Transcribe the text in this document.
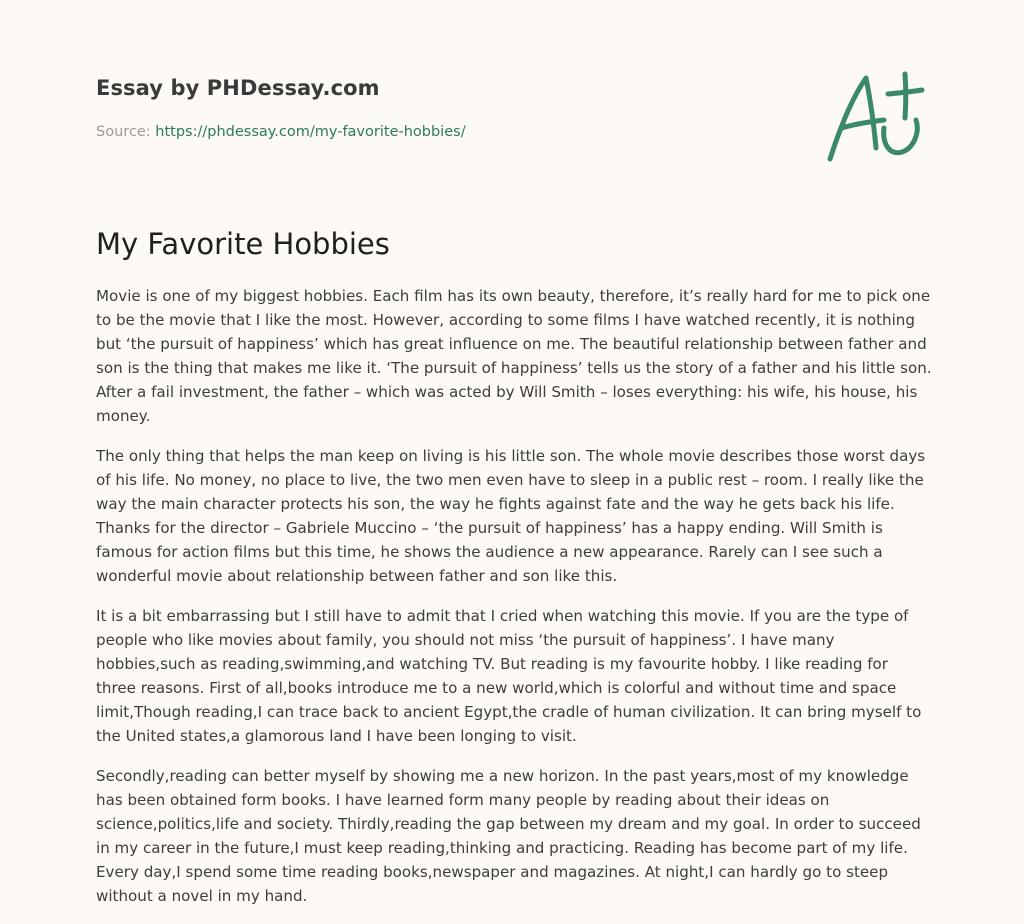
Essay by PHDessay.com
Source: https://phdessay.com/my-favorite-hobbies/
My Favorite Hobbies

Movie is one of my biggest hobbies. Each film has its own beauty, therefore, it’s really hard for me to pick one to be the movie that I like the most. However, according to some films I have watched recently, it is nothing but ‘the pursuit of happiness’ which has great influence on me. The beautiful relationship between father and son is the thing that makes me like it. ‘The pursuit of happiness’ tells us the story of a father and his little son. After a fail investment, the father – which was acted by Will Smith – loses everything: his wife, his house, his money.

The only thing that helps the man keep on living is his little son. The whole movie describes those worst days of his life. No money, no place to live, the two men even have to sleep in a public rest – room. I really like the way the main character protects his son, the way he fights against fate and the way he gets back his life. Thanks for the director – Gabriele Muccino – ‘the pursuit of happiness’ has a happy ending. Will Smith is famous for action films but this time, he shows the audience a new appearance. Rarely can I see such a wonderful movie about relationship between father and son like this.

It is a bit embarrassing but I still have to admit that I cried when watching this movie. If you are the type of people who like movies about family, you should not miss ‘the pursuit of happiness’. I have many hobbies,such as reading,swimming,and watching TV. But reading is my favourite hobby. I like reading for three reasons. First of all,books introduce me to a new world,which is colorful and without time and space limit,Though reading,I can trace back to ancient Egypt,the cradle of human civilization. It can bring myself to the United states,a glamorous land I have been longing to visit.

Secondly,reading can better myself by showing me a new horizon. In the past years,most of my knowledge has been obtained form books. I have learned form many people by reading about their ideas on science,politics,life and society. Thirdly,reading the gap between my dream and my goal. In order to succeed in my career in the future,I must keep reading,thinking and practicing. Reading has become part of my life. Every day,I spend some time reading books,newspaper and magazines. At night,I can hardly go to steep without a novel in my hand.
